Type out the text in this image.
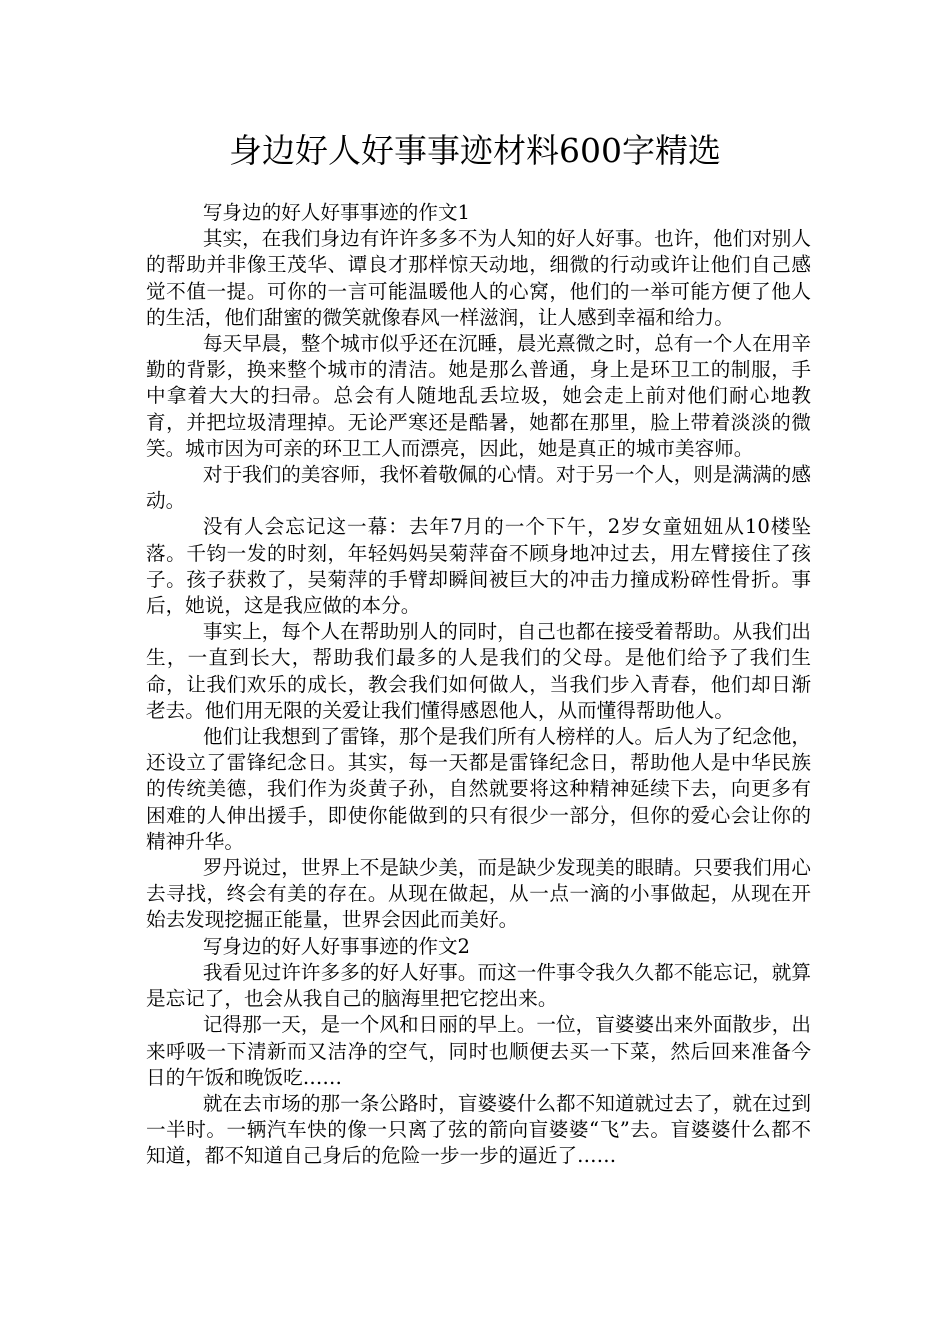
身边好人好事事迹材料600字精选

写身边的好人好事事迹的作文1

其实，在我们身边有许许多多不为人知的好人好事。也许，他们对别人的帮助并非像王茂华、谭良才那样惊天动地，细微的行动或许让他们自己感觉不值一提。可你的一言可能温暖他人的心窝，他们的一举可能方便了他人的生活，他们甜蜜的微笑就像春风一样滋润，让人感到幸福和给力。

每天早晨，整个城市似乎还在沉睡，晨光熹微之时，总有一个人在用辛勤的背影，换来整个城市的清洁。她是那么普通，身上是环卫工的制服，手中拿着大大的扫帚。总会有人随地乱丢垃圾，她会走上前对他们耐心地教育，并把垃圾清理掉。无论严寒还是酷暑，她都在那里，脸上带着淡淡的微笑。城市因为可亲的环卫工人而漂亮，因此，她是真正的城市美容师。

对于我们的美容师，我怀着敬佩的心情。对于另一个人，则是满满的感动。

没有人会忘记这一幕：去年7月的一个下午，2岁女童妞妞从10楼坠落。千钧一发的时刻，年轻妈妈吴菊萍奋不顾身地冲过去，用左臂接住了孩子。孩子获救了，吴菊萍的手臂却瞬间被巨大的冲击力撞成粉碎性骨折。事后，她说，这是我应做的本分。

事实上，每个人在帮助别人的同时，自己也都在接受着帮助。从我们出生，一直到长大，帮助我们最多的人是我们的父母。是他们给予了我们生命，让我们欢乐的成长，教会我们如何做人，当我们步入青春，他们却日渐老去。他们用无限的关爱让我们懂得感恩他人，从而懂得帮助他人。

他们让我想到了雷锋，那个是我们所有人榜样的人。后人为了纪念他，还设立了雷锋纪念日。其实，每一天都是雷锋纪念日，帮助他人是中华民族的传统美德，我们作为炎黄子孙，自然就要将这种精神延续下去，向更多有困难的人伸出援手，即使你能做到的只有很少一部分，但你的爱心会让你的精神升华。

罗丹说过，世界上不是缺少美，而是缺少发现美的眼睛。只要我们用心去寻找，终会有美的存在。从现在做起，从一点一滴的小事做起，从现在开始去发现挖掘正能量，世界会因此而美好。

写身边的好人好事事迹的作文2

我看见过许许多多的好人好事。而这一件事令我久久都不能忘记，就算是忘记了，也会从我自己的脑海里把它挖出来。

记得那一天，是一个风和日丽的早上。一位，盲婆婆出来外面散步，出来呼吸一下清新而又洁净的空气，同时也顺便去买一下菜，然后回来准备今日的午饭和晚饭吃……

就在去市场的那一条公路时，盲婆婆什么都不知道就过去了，就在过到一半时。一辆汽车快的像一只离了弦的箭向盲婆婆“飞”去。盲婆婆什么都不知道，都不知道自己身后的危险一步一步的逼近了……
